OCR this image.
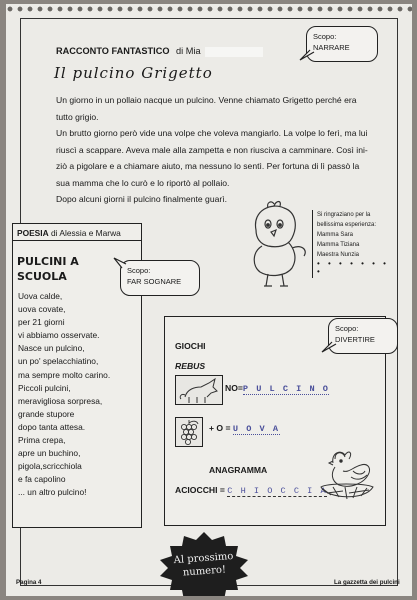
RACCONTO FANTASTICO di Mia
Scopo:
NARRARE
Il pulcino Grigetto

Un giorno in un pollaio nacque un pulcino. Venne chiamato Grigetto perché era

tutto grigio.

Un brutto giorno però vide una volpe che voleva mangiarlo. La volpe lo ferì, ma lui

riuscì a scappare. Aveva male alla zampetta e non riusciva a camminare. Così ini-

ziò a pigolare e a chiamare aiuto, ma nessuno lo sentì. Per fortuna di lì passò la

sua mamma che lo curò e lo riportò al pollaio.

Dopo alcuni giorni il pulcino finalmente guarì.

Si ringraziano per la bellissima esperienza:
Mamma Sara
Mamma Tiziana
Maestra Nunzia
• • • • • • • •
POESIA di Alessia e Marwa
PULCINI A
SCUOLA
Uova calde,
uova covate,
per 21 giorni
vi abbiamo osservate.
Nasce un pulcino,
un po' spelacchiatino,
ma sempre molto carino.
Piccoli pulcini,
meravigliosa sorpresa,
grande stupore
dopo tanta attesa.
Prima crepa,
apre un buchino,
pigola,scricchiola
e fa capolino
... un altro pulcino!
Scopo:
FAR SOGNARE
GIOCHI
REBUS
NO=P U L C I N O
+ O = U O V A
ANAGRAMMA
ACIOCCHI = C H I O C C I A
Scopo:
DIVERTIRE
Al prossimo
numero!
Pagina 4	La gazzetta dei pulcini
